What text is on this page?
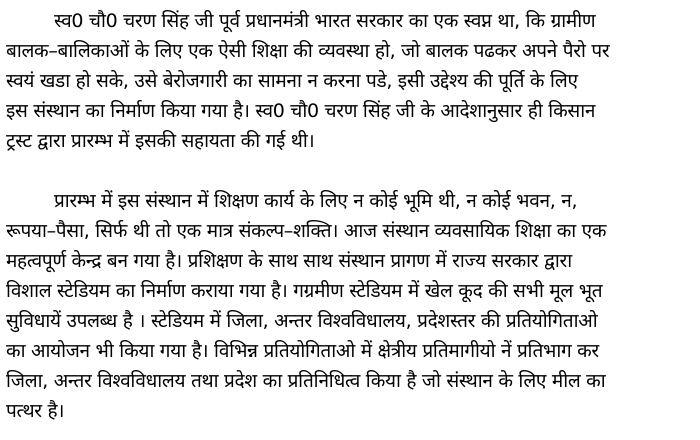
स्व0 चौ0 चरण सिंह जी पूर्व प्रधानमंत्री भारत सरकार का एक स्वप्न था, कि ग्रामीण
बालक–बालिकाओं के लिए एक ऐसी शिक्षा की व्यवस्था हो, जो बालक पढकर अपने पैरो पर
स्वयं खडा हो सके, उसे बेरोजगारी का सामना न करना पडे, इसी उद्देश्य की पूर्ति के लिए
इस संस्थान का निर्माण किया गया है। स्व0 चौ0 चरण सिंह जी के आदेशानुसार ही किसान
ट्रस्ट द्वारा प्रारम्भ में इसकी सहायता की गई थी।
प्रारम्भ में इस संस्थान में शिक्षण कार्य के लिए न कोई भूमि थी, न कोई भवन, न,
रूपया–पैसा, सिर्फ थी तो एक मात्र संकल्प–शक्ति। आज संस्थान व्यवसायिक शिक्षा का एक
महत्वपूर्ण केन्द्र बन गया है। प्रशिक्षण के साथ साथ संस्थान प्रागण में राज्य सरकार द्वारा
विशाल स्टेडियम का निर्माण कराया गया है। गग्रमीण स्टेडियम में खेल कूद की सभी मूल भूत
सुविधायें उपलब्ध है । स्टेडियम में जिला, अन्तर विश्वविधालय, प्रदेशस्तर की प्रतियोगिताओ
का आयोजन भी किया गया है। विभिन्न प्रतियोगिताओ में क्षेत्रीय प्रतिमागीयो नें प्रतिभाग कर
जिला, अन्तर विश्वविधालय तथा प्रदेश का प्रतिनिधित्व किया है जो संस्थान के लिए मील का
पत्थर है।
